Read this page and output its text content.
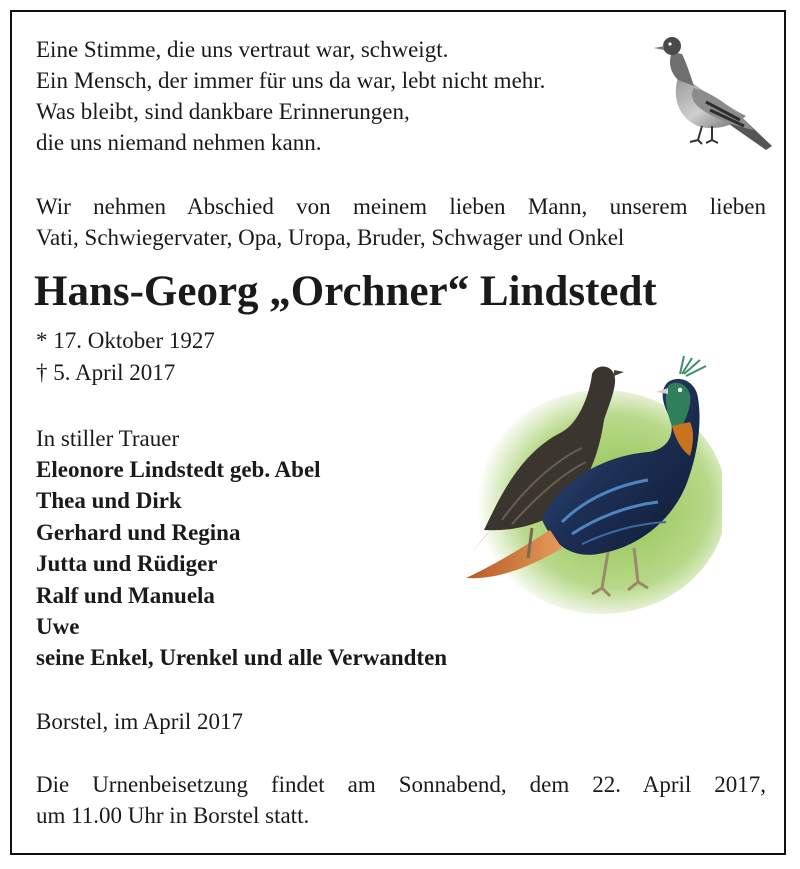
Eine Stimme, die uns vertraut war, schweigt.
Ein Mensch, der immer für uns da war, lebt nicht mehr.
Was bleibt, sind dankbare Erinnerungen,
die uns niemand nehmen kann.
Wir nehmen Abschied von meinem lieben Mann, unserem lieben
Vati, Schwiegervater, Opa, Uropa, Bruder, Schwager und Onkel
Hans-Georg „Orchner“ Lindstedt
* 17. Oktober 1927
† 5. April 2017
In stiller Trauer
Eleonore Lindstedt geb. Abel
Thea und Dirk
Gerhard und Regina
Jutta und Rüdiger
Ralf und Manuela
Uwe
seine Enkel, Urenkel und alle Verwandten
Borstel, im April 2017
Die Urnenbeisetzung findet am Sonnabend, dem 22. April 2017,
um 11.00 Uhr in Borstel statt.
